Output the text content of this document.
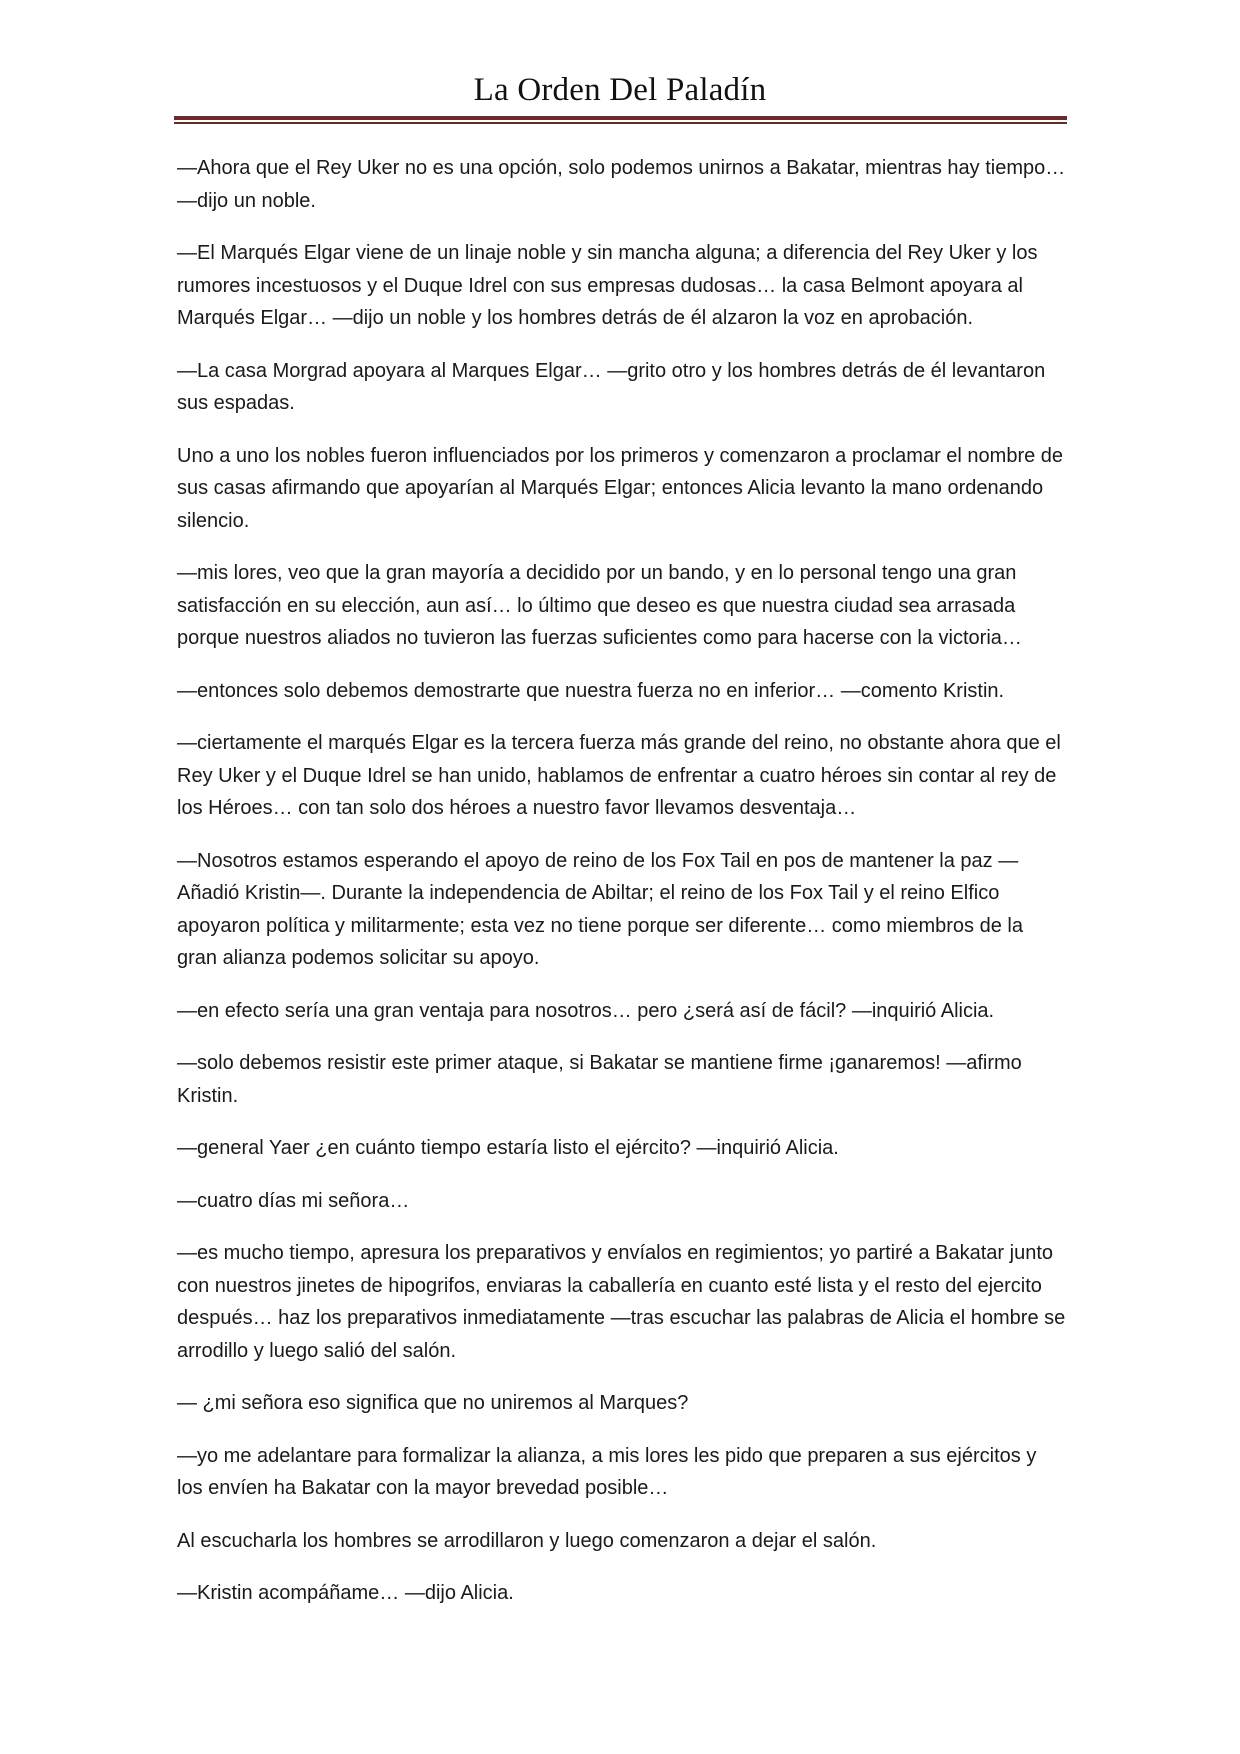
La Orden Del Paladín

—Ahora que el Rey Uker no es una opción, solo podemos unirnos a Bakatar, mientras hay tiempo… —dijo un noble.

—El Marqués Elgar viene de un linaje noble y sin mancha alguna; a diferencia del Rey Uker y los rumores incestuosos y el Duque Idrel con sus empresas dudosas… la casa Belmont apoyara al Marqués Elgar… —dijo un noble y los hombres detrás de él alzaron la voz en aprobación.

—La casa Morgrad apoyara al Marques Elgar… —grito otro y los hombres detrás de él levantaron sus espadas.

Uno a uno los nobles fueron influenciados por los primeros y comenzaron a proclamar el nombre de sus casas afirmando que apoyarían al Marqués Elgar; entonces Alicia levanto la mano ordenando silencio.

—mis lores, veo que la gran mayoría a decidido por un bando, y en lo personal tengo una gran satisfacción en su elección, aun así… lo último que deseo es que nuestra ciudad sea arrasada porque nuestros aliados no tuvieron las fuerzas suficientes como para hacerse con la victoria…

—entonces solo debemos demostrarte que nuestra fuerza no en inferior… —comento Kristin.

—ciertamente el marqués Elgar es la tercera fuerza más grande del reino, no obstante ahora que el Rey Uker y el Duque Idrel se han unido, hablamos de enfrentar a cuatro héroes sin contar al rey de los Héroes… con tan solo dos héroes a nuestro favor llevamos desventaja…

—Nosotros estamos esperando el apoyo de reino de los Fox Tail en pos de mantener la paz —Añadió Kristin—. Durante la independencia de Abiltar; el reino de los Fox Tail y el reino Elfico apoyaron política y militarmente; esta vez no tiene porque ser diferente… como miembros de la gran alianza podemos solicitar su apoyo.

—en efecto sería una gran ventaja para nosotros… pero ¿será así de fácil? —inquirió Alicia.

—solo debemos resistir este primer ataque, si Bakatar se mantiene firme ¡ganaremos! —afirmo Kristin.

—general Yaer ¿en cuánto tiempo estaría listo el ejército? —inquirió Alicia.

—cuatro días mi señora…

—es mucho tiempo, apresura los preparativos y envíalos en regimientos; yo partiré a Bakatar junto con nuestros jinetes de hipogrifos, enviaras la caballería en cuanto esté lista y el resto del ejercito después… haz los preparativos inmediatamente —tras escuchar las palabras de Alicia el hombre se arrodillo y luego salió del salón.

— ¿mi señora eso significa que no uniremos al Marques?

—yo me adelantare para formalizar la alianza, a mis lores les pido que preparen a sus ejércitos y los envíen ha Bakatar con la mayor brevedad posible…

Al escucharla los hombres se arrodillaron y luego comenzaron a dejar el salón.

—Kristin acompáñame… —dijo Alicia.
